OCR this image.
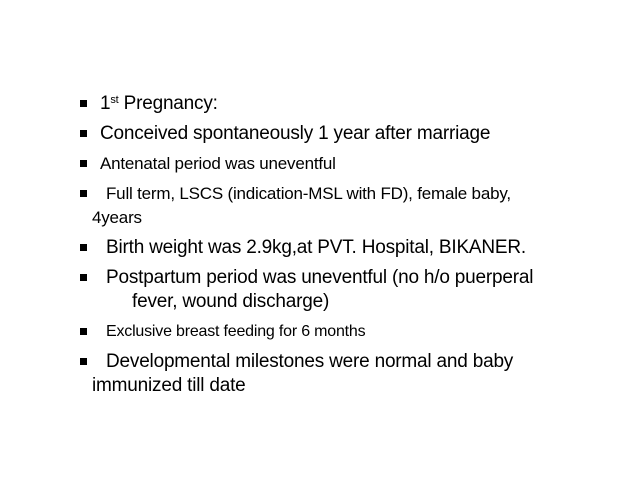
1st Pregnancy:
Conceived spontaneously 1 year after marriage
Antenatal period was uneventful
Full term, LSCS (indication-MSL with FD), female baby,
4years
Birth weight was 2.9kg,at PVT. Hospital, BIKANER.
Postpartum period was uneventful (no h/o puerperal
fever, wound discharge)
Exclusive breast feeding for 6 months
Developmental milestones were normal and baby
immunized till date
